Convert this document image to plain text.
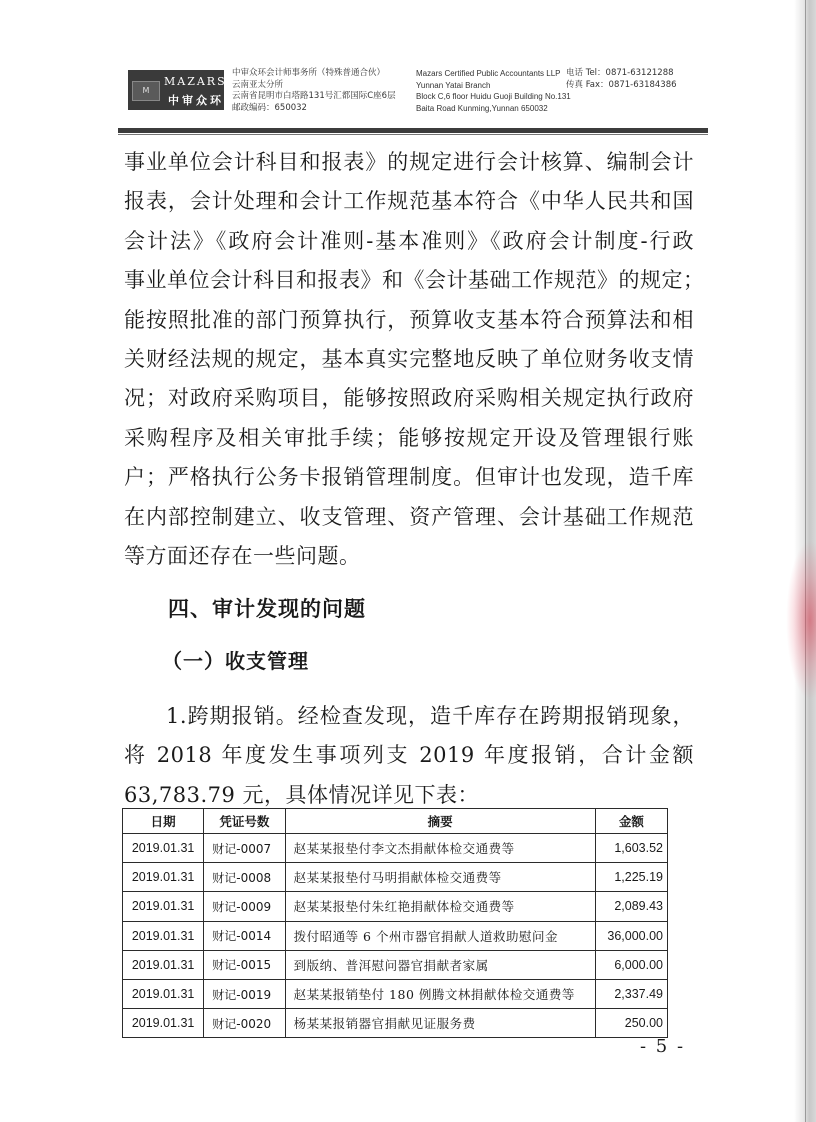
M
MAZARS
中审众环
中审众环会计师事务所（特殊普通合伙）
云南亚太分所
云南省昆明市白塔路131号汇都国际C座6层
邮政编码：650032
Mazars Certified Public Accountants LLP
Yunnan Yatai Branch
Block C,6 floor Huidu Guoji Building No.131
Baita Road Kunming,Yunnan 650032
电话 Tel：0871-63121288
传真 Fax：0871-63184386
事业单位会计科目和报表》的规定进行会计核算、编制会计
报表，会计处理和会计工作规范基本符合《中华人民共和国
会计法》《政府会计准则-基本准则》《政府会计制度-行政
事业单位会计科目和报表》和《会计基础工作规范》的规定；
能按照批准的部门预算执行，预算收支基本符合预算法和相
关财经法规的规定，基本真实完整地反映了单位财务收支情
况；对政府采购项目，能够按照政府采购相关规定执行政府
采购程序及相关审批手续；能够按规定开设及管理银行账
户；严格执行公务卡报销管理制度。但审计也发现，造千库
在内部控制建立、收支管理、资产管理、会计基础工作规范
等方面还存在一些问题。
四、审计发现的问题
（一）收支管理
1.跨期报销。经检查发现，造千库存在跨期报销现象，
将 2018 年度发生事项列支 2019 年度报销，合计金额
63,783.79 元，具体情况详见下表：
日期	凭证号数	摘要	金额
2019.01.31	财记-0007	赵某某报垫付李文杰捐献体检交通费等	1,603.52
2019.01.31	财记-0008	赵某某报垫付马明捐献体检交通费等	1,225.19
2019.01.31	财记-0009	赵某某报垫付朱红艳捐献体检交通费等	2,089.43
2019.01.31	财记-0014	拨付昭通等 6 个州市器官捐献人道救助慰问金	36,000.00
2019.01.31	财记-0015	到版纳、普洱慰问器官捐献者家属	6,000.00
2019.01.31	财记-0019	赵某某报销垫付 180 例腾文林捐献体检交通费等	2,337.49
2019.01.31	财记-0020	杨某某报销器官捐献见证服务费	250.00
- 5 -
